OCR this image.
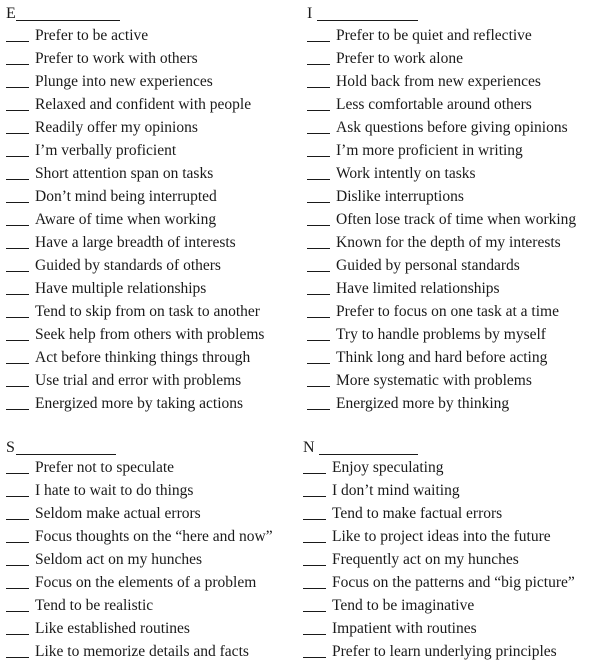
E
Prefer to be active
Prefer to work with others
Plunge into new experiences
Relaxed and confident with people
Readily offer my opinions
I’m verbally proficient
Short attention span on tasks
Don’t mind being interrupted
Aware of time when working
Have a large breadth of interests
Guided by standards of others
Have multiple relationships
Tend to skip from on task to another
Seek help from others with problems
Act before thinking things through
Use trial and error with problems
Energized more by taking actions
I
Prefer to be quiet and reflective
Prefer to work alone
Hold back from new experiences
Less comfortable around others
Ask questions before giving opinions
I’m more proficient in writing
Work intently on tasks
Dislike interruptions
Often lose track of time when working
Known for the depth of my interests
Guided by personal standards
Have limited relationships
Prefer to focus on one task at a time
Try to handle problems by myself
Think long and hard before acting
More systematic with problems
Energized more by thinking
S
Prefer not to speculate
I hate to wait to do things
Seldom make actual errors
Focus thoughts on the “here and now”
Seldom act on my hunches
Focus on the elements of a problem
Tend to be realistic
Like established routines
Like to memorize details and facts
N
Enjoy speculating
I don’t mind waiting
Tend to make factual errors
Like to project ideas into the future
Frequently act on my hunches
Focus on the patterns and “big picture”
Tend to be imaginative
Impatient with routines
Prefer to learn underlying principles
